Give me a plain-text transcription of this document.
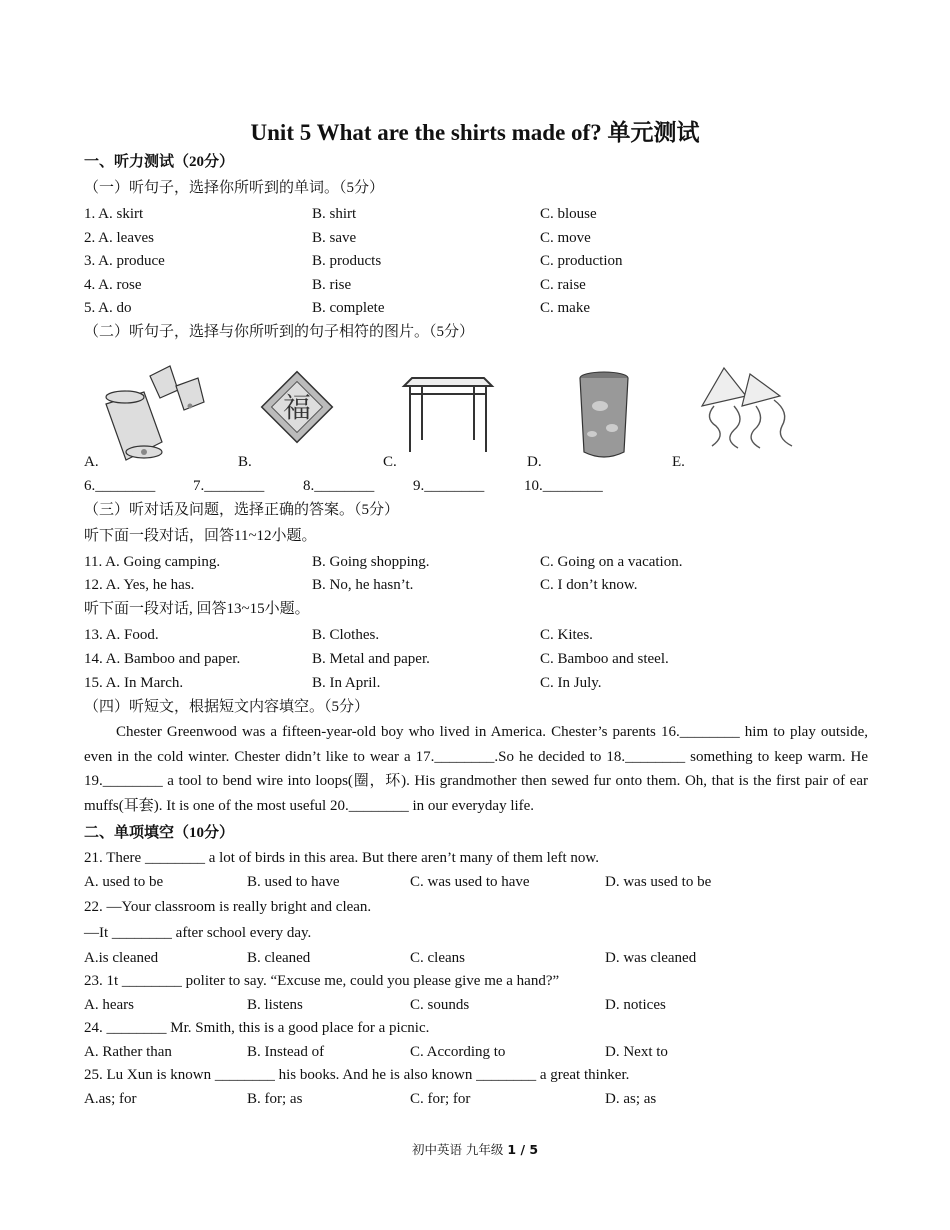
Unit 5 What are the shirts made of? 单元测试
一、听力测试（20分）
（一）听句子，选择你所听到的单词。（5分）
1. A. skirt	B. shirt	C. blouse
2. A. leaves	B. save	C. move
3. A. produce	B. products	C. production
4. A. rose	B. rise	C. raise
5. A. do	B. complete	C. make
（二）听句子，选择与你所听到的句子相符的图片。（5分）
福
A.	B.	C.	D.	E.
6.________	7.________	8.________	9.________	10.________
（三）听对话及问题，选择正确的答案。（5分）
听下面一段对话，回答11~12小题。
11. A. Going camping.	B. Going shopping.	C. Going on a vacation.
12. A. Yes, he has.	B. No, he hasn’t.	C. I don’t know.
听下面一段对话, 回答13~15小题。
13. A. Food.	B. Clothes.	C. Kites.
14. A. Bamboo and paper.	B. Metal and paper.	C. Bamboo and steel.
15. A. In March.	B. In April.	C. In July.
（四）听短文，根据短文内容填空。（5分）
Chester Greenwood was a fifteen-year-old boy who lived in America. Chester’s parents 16.________ him to play outside, even in the cold winter. Chester didn’t like to wear a 17.________.So he decided to 18.________ something to keep warm. He 19.________ a tool to bend wire into loops(圈，环). His grandmother then sewed fur onto them. Oh, that is the first pair of ear muffs(耳套). It is one of the most useful 20.________ in our everyday life.
二、单项填空（10分）
21. There ________ a lot of birds in this area. But there aren’t many of them left now.
A. used to be	B. used to have	C. was used to have	D. was used to be
22. —Your classroom is really bright and clean.
—It ________ after school every day.
A.is cleaned	B. cleaned	C. cleans	D. was cleaned
23. 1t ________ politer to say. “Excuse me, could you please give me a hand?”
A. hears	B. listens	C. sounds	D. notices
24. ________ Mr. Smith, this is a good place for a picnic.
A. Rather than	B. Instead of	C. According to	D. Next to
25. Lu Xun is known ________ his books. And he is also known ________ a great thinker.
A.as; for	B. for; as	C. for; for	D. as; as
初中英语 九年级 1 / 5
